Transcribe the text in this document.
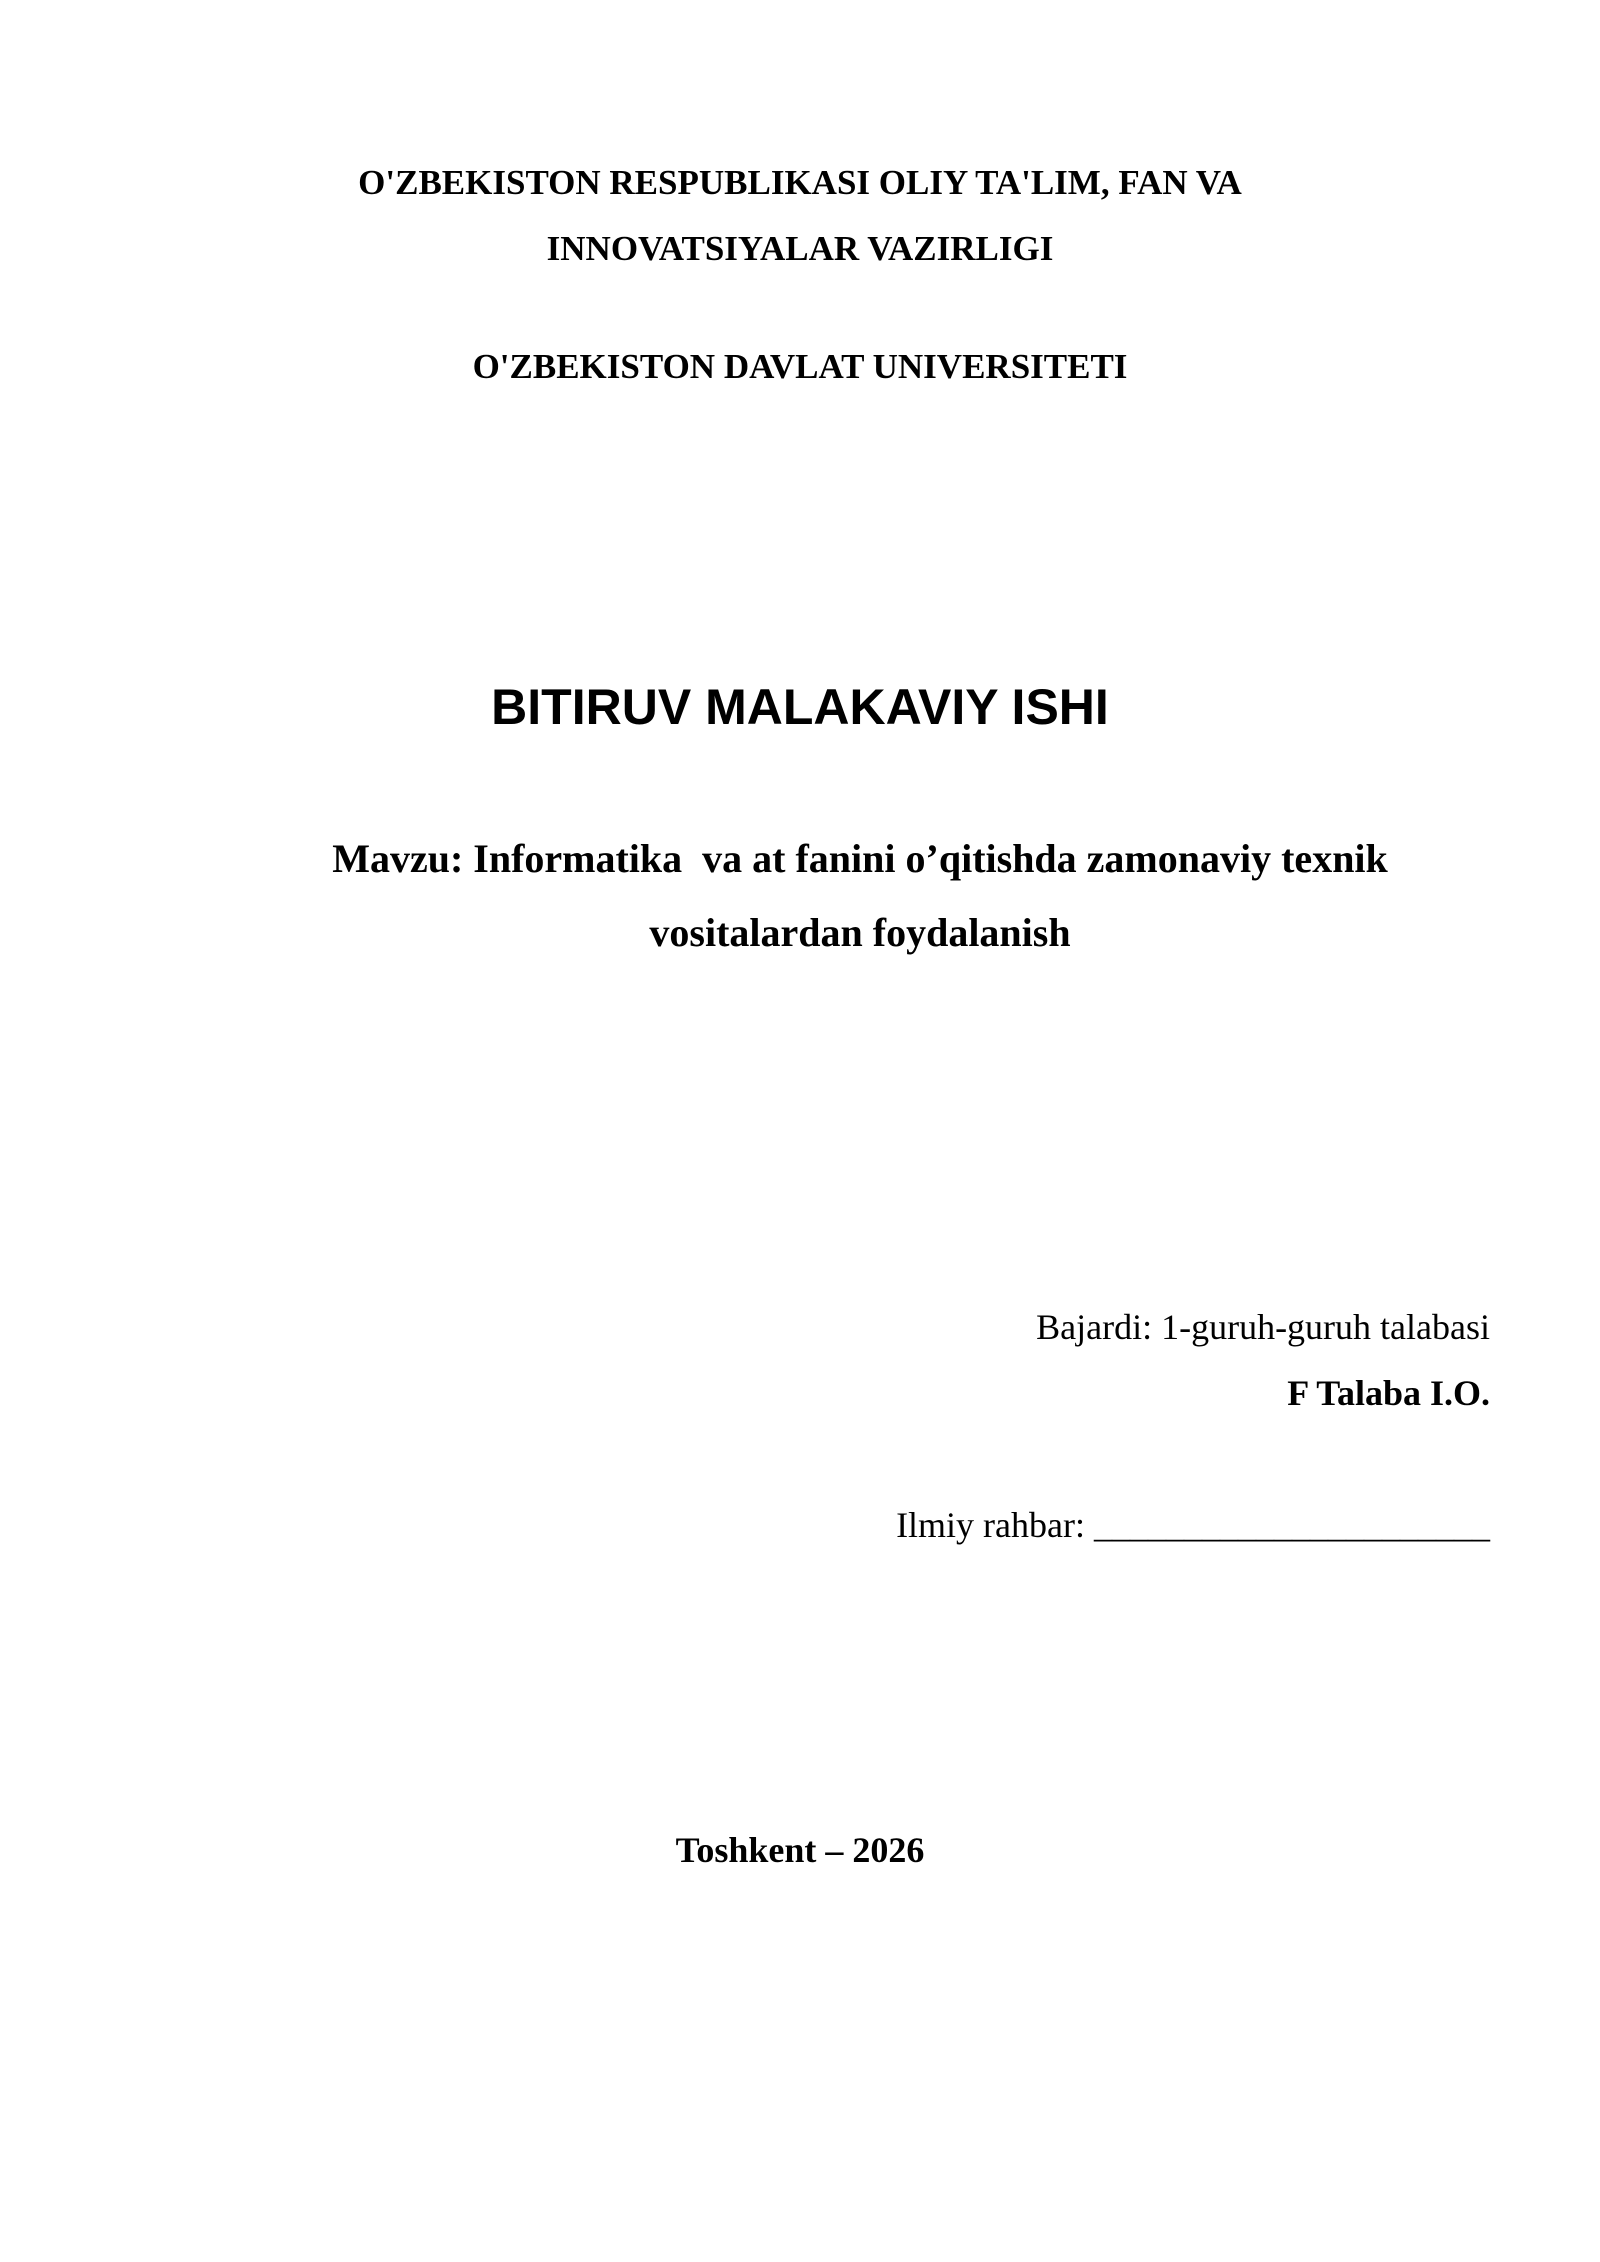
O'ZBEKISTON RESPUBLIKASI OLIY TA'LIM, FAN VA
INNOVATSIYALAR VAZIRLIGI
O'ZBEKISTON DAVLAT UNIVERSITETI
BITIRUV MALAKAVIY ISHI
Mavzu: Informatika  va at fanini o’qitishda zamonaviy texnik
vositalardan foydalanish
Bajardi: 1-guruh-guruh talabasi
F Talaba I.O.
Ilmiy rahbar: ______________________
Toshkent – 2026
